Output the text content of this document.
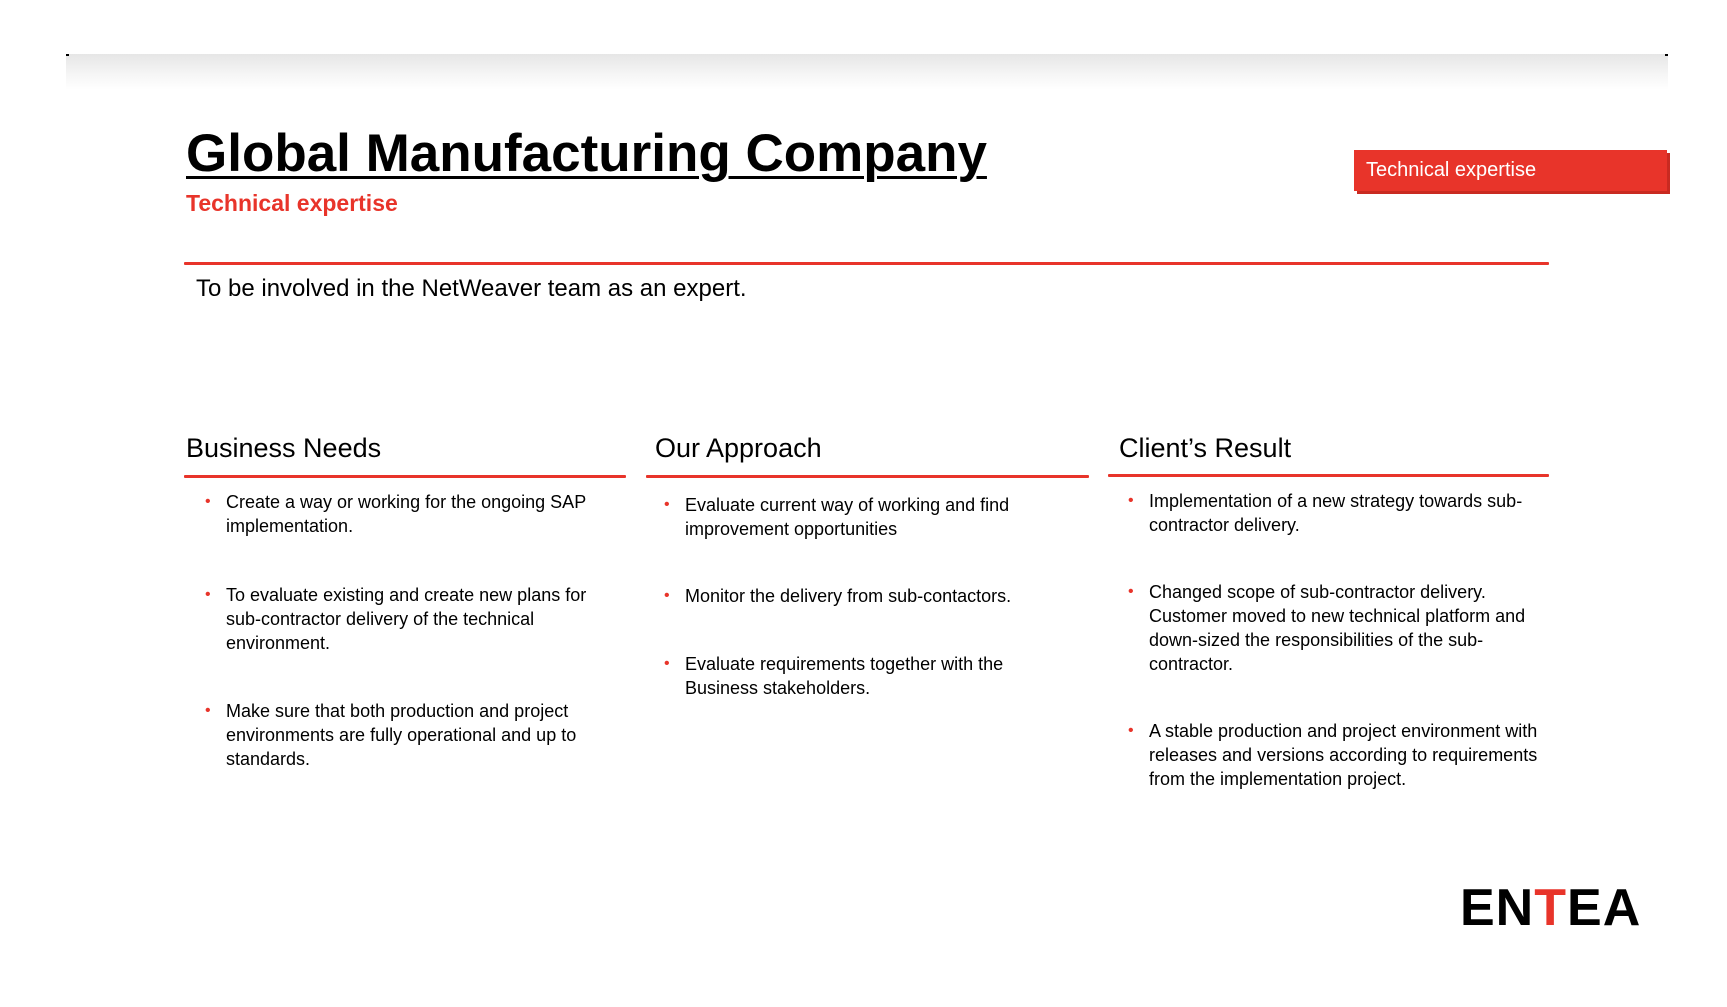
Global Manufacturing Company
Technical expertise
Technical expertise
To be involved in the NetWeaver team as an expert.
Business Needs
• Create a way or working for the ongoing SAP implementation.
• To evaluate existing and create new plans for sub-contractor delivery of the technical environment.
• Make sure that both production and project environments are fully operational and up to standards.
Our Approach
• Evaluate current way of working and find improvement opportunities
• Monitor the delivery from sub-contactors.
• Evaluate requirements together with the Business stakeholders.
Client’s Result
• Implementation of a new strategy towards sub-contractor delivery.
• Changed scope of sub-contractor delivery. Customer moved to new technical platform and down-sized the responsibilities of the sub-contractor.
• A stable production and project environment with releases and versions according to requirements from the implementation project.
ENTEA
